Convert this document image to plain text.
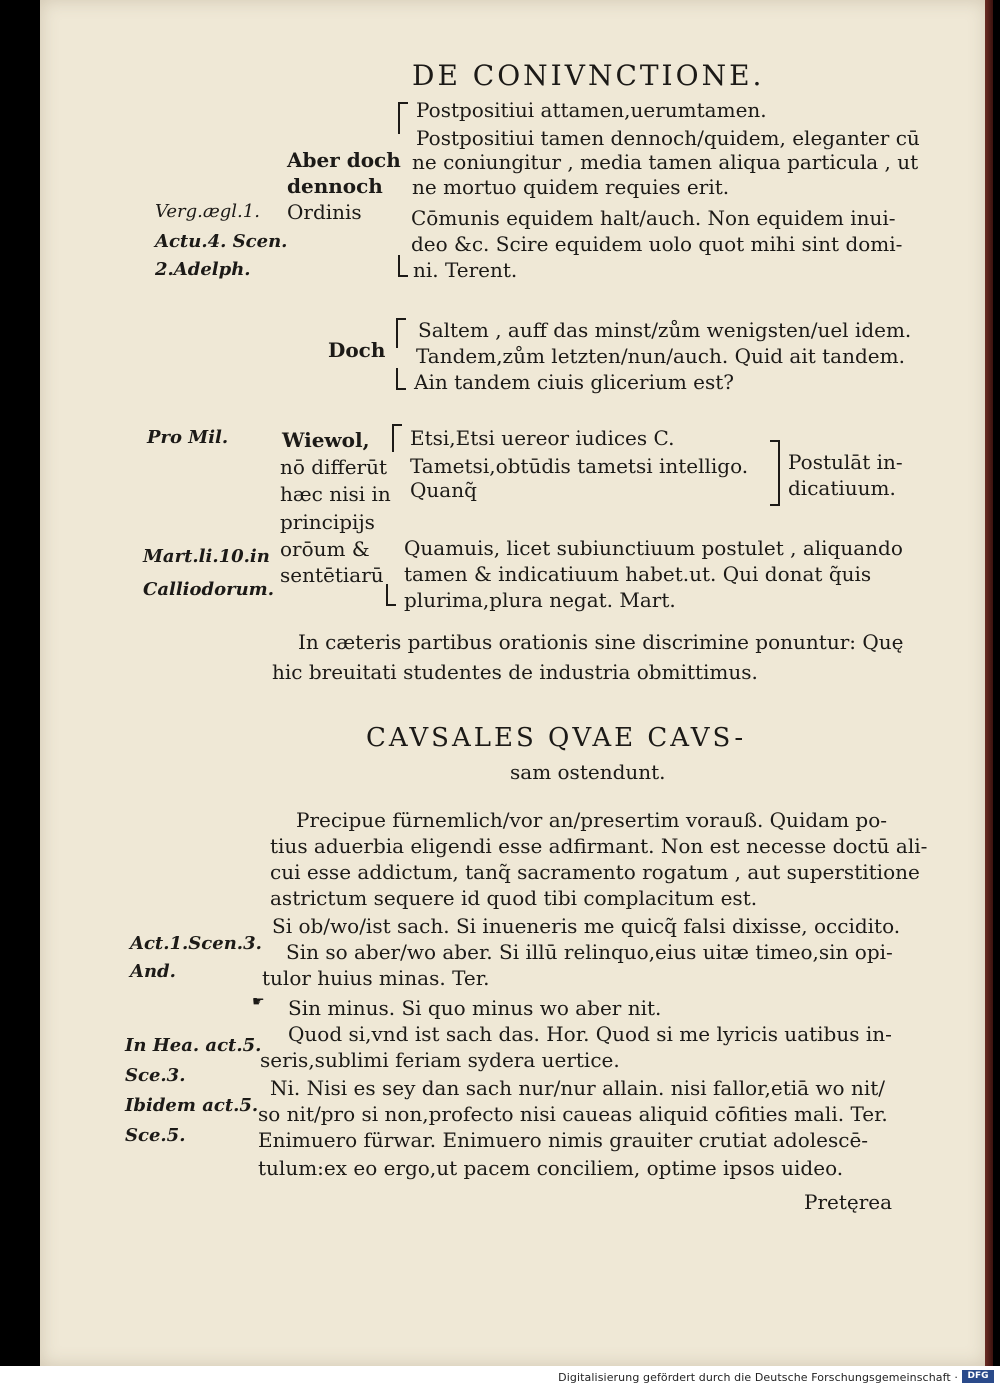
DE CONIVNCTIONE.
Postpositiui attamen,uerumtamen.
Postpositiui tamen dennoch/quidem, eleganter cū
ne coniungitur , media tamen aliqua particula , ut
ne mortuo quidem requies erit.
Cōmunis equidem halt/auch. Non equidem inui-
deo &c. Scire equidem uolo quot mihi sint domi-
ni. Terent.
Aber doch
dennoch
Ordinis
Verg.ægl.1.
Actu.4. Scen.
2.Adelph.
Doch
Saltem , auff das minst/zům wenigsten/uel idem.
Tandem,zům letzten/nun/auch. Quid ait tandem.
Ain tandem ciuis glicerium est?
Pro Mil.	Wiewol,
nō differūt
hæc nisi in
principijs
orōum &
sentētiarū
Etsi,Etsi uereor iudices C.
Tametsi,obtūdis tametsi intelligo.
Quanq̃
Postulāt in-
dicatiuum.
Mart.li.10.in
Calliodorum.
Quamuis, licet subiunctiuum postulet , aliquando
tamen & indicatiuum habet.ut. Qui donat q̃uis
plurima,plura negat. Mart.
In cæteris partibus orationis sine discrimine ponuntur: Quę
hic breuitati studentes de industria obmittimus.
CAVSALES QVAE CAVS-
sam ostendunt.
Precipue fürnemlich/vor an/presertim vorauß. Quidam po-
tius aduerbia eligendi esse adfirmant. Non est necesse doctū ali-
cui esse addictum, tanq̃ sacramento rogatum , aut superstitione
astrictum sequere id quod tibi complacitum est.
Si ob/wo/ist sach. Si inueneris me quicq̃ falsi dixisse, occidito.
Sin so aber/wo aber. Si illū relinquo,eius uitæ timeo,sin opi-
tulor huius minas. Ter.
☛ Sin minus. Si quo minus wo aber nit.
Quod si,vnd ist sach das. Hor. Quod si me lyricis uatibus in-
seris,sublimi feriam sydera uertice.
Ni. Nisi es sey dan sach nur/nur allain. nisi fallor,etiā wo nit/
so nit/pro si non,profecto nisi caueas aliquid cōfities mali. Ter.
Enimuero fürwar. Enimuero nimis grauiter crutiat adolescē-
tulum:ex eo ergo,ut pacem conciliem, optime ipsos uideo.
Act.1.Scen.3.
And.
In Hea. act.5.
Sce.3.
Ibidem act.5.
Sce.5.
Pretęrea
Digitalisierung gefördert durch die Deutsche Forschungsgemeinschaft ·	DFG
